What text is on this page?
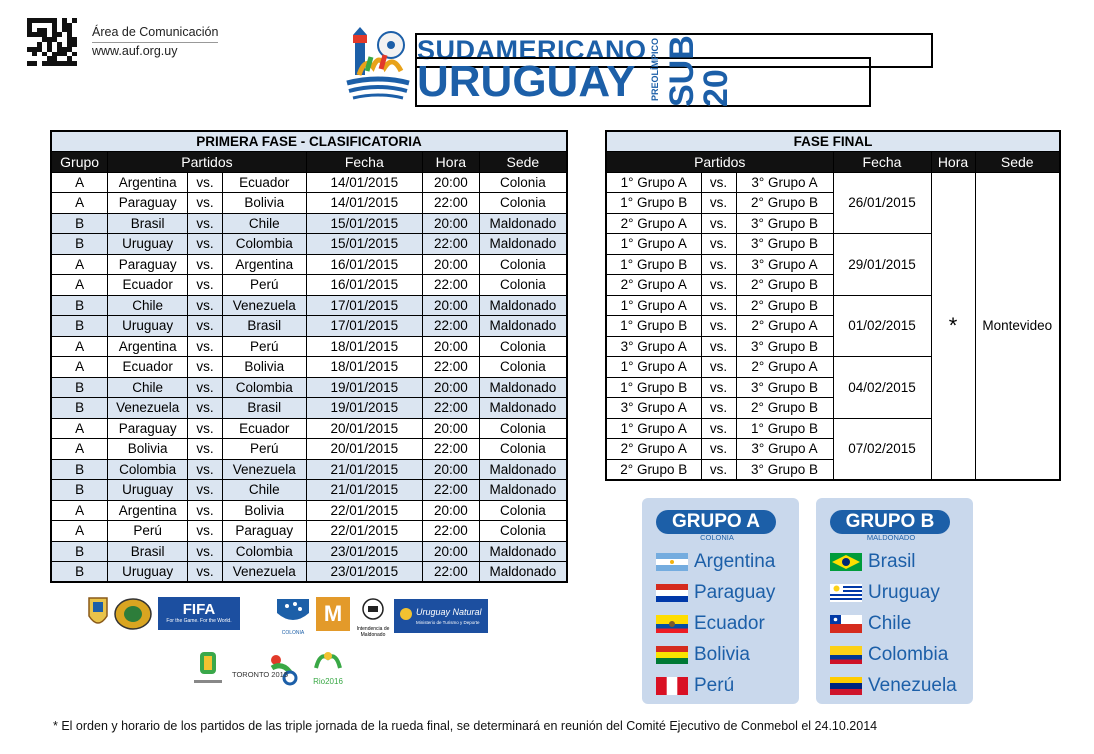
Área de Comunicación
www.auf.org.uy	SUDAMERICANO
URUGUAY	PREOLÍMPICO SUB 20
PRIMERA FASE - CLASIFICATORIA						
Grupo	Partidos			Fecha	Hora	Sede
A	Argentina	vs.	Ecuador	14/01/2015	20:00	Colonia
A	Paraguay	vs.	Bolivia	14/01/2015	22:00	Colonia
B	Brasil	vs.	Chile	15/01/2015	20:00	Maldonado
B	Uruguay	vs.	Colombia	15/01/2015	22:00	Maldonado
A	Paraguay	vs.	Argentina	16/01/2015	20:00	Colonia
A	Ecuador	vs.	Perú	16/01/2015	22:00	Colonia
B	Chile	vs.	Venezuela	17/01/2015	20:00	Maldonado
B	Uruguay	vs.	Brasil	17/01/2015	22:00	Maldonado
A	Argentina	vs.	Perú	18/01/2015	20:00	Colonia
A	Ecuador	vs.	Bolivia	18/01/2015	22:00	Colonia
B	Chile	vs.	Colombia	19/01/2015	20:00	Maldonado
B	Venezuela	vs.	Brasil	19/01/2015	22:00	Maldonado
A	Paraguay	vs.	Ecuador	20/01/2015	20:00	Colonia
A	Bolivia	vs.	Perú	20/01/2015	22:00	Colonia
B	Colombia	vs.	Venezuela	21/01/2015	20:00	Maldonado
B	Uruguay	vs.	Chile	21/01/2015	22:00	Maldonado
A	Argentina	vs.	Bolivia	22/01/2015	20:00	Colonia
A	Perú	vs.	Paraguay	22/01/2015	22:00	Colonia
B	Brasil	vs.	Colombia	23/01/2015	20:00	Maldonado
B	Uruguay	vs.	Venezuela	23/01/2015	22:00	Maldonado
FASE FINAL					
Partidos			Fecha	Hora	Sede
1° Grupo A	vs.	3° Grupo A	26/01/2015	*	Montevideo
1° Grupo B	vs.	2° Grupo B			
2° Grupo A	vs.	3° Grupo B			
1° Grupo A	vs.	3° Grupo B	29/01/2015		
1° Grupo B	vs.	3° Grupo A			
2° Grupo A	vs.	2° Grupo B			
1° Grupo A	vs.	2° Grupo B	01/02/2015		
1° Grupo B	vs.	2° Grupo A			
3° Grupo A	vs.	3° Grupo B			
1° Grupo A	vs.	2° Grupo A	04/02/2015		
1° Grupo B	vs.	3° Grupo B			
3° Grupo A	vs.	2° Grupo B			
1° Grupo A	vs.	1° Grupo B	07/02/2015		
2° Grupo A	vs.	3° Grupo A			
2° Grupo B	vs.	3° Grupo B			
GRUPO A
COLONIA
Argentina
Paraguay
Ecuador
Bolivia
Perú
GRUPO B
MALDONADO
Brasil
Uruguay
Chile
Colombia
Venezuela
FIFA
For the Game. For the World.
COLONIA
M
Intendencia de Maldonado
Uruguay Natural
Ministerio de Turismo y Deporte
TORONTO 2015
Rio2016
* El orden y horario de los partidos de las triple jornada de la rueda final, se determinará en reunión del Comité Ejecutivo de Conmebol el 24.10.2014
